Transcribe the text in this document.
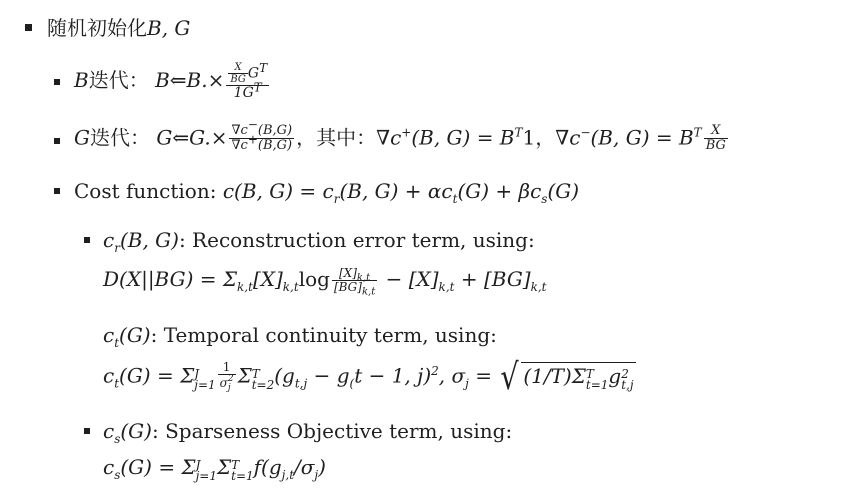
随机初始化B, G
B迭代： B⇐B.× $\frac{\frac{X}{BG} G^T}{1G^T}$
G迭代： G⇐G.× $\frac{\nabla c^-(B,G)}{\nabla c^+(B,G)}$ ，其中：∇c+(B, $G) = B^T1$，∇c−(B, $G) = B^T \frac{X}{BG}$
Cost function: c(B, $G) = c_r(B$, $G) + \alpha c_t(G) + \beta c_s(G)$
$c_r(B$, G): Reconstruction error term, using:
$D(X||BG) = \Sigma_{k,t}[X]_{k,t}\log \frac{[X]_{k,t}}{[BG]_{k,t}} - [X]_{k,t} + [BG]_{k,t}$
$c_t(G)$: Temporal continuity term, using:
$c_t(G) = \Sigma$ J
j=1 1
σ 2
j Σ T
t=2 ($g_{t,j} - g_(t - 1$, j)$^2$, $\sigma_j$ = √ (1/T)Σ T
t=1 g 2
t,j
$c_s(G)$: Sparseness Objective term, using:
$c_s(G) = \Sigma$ J
j=1 Σ T
t=1 $f(g_{j,t}/\sigma_j)$
